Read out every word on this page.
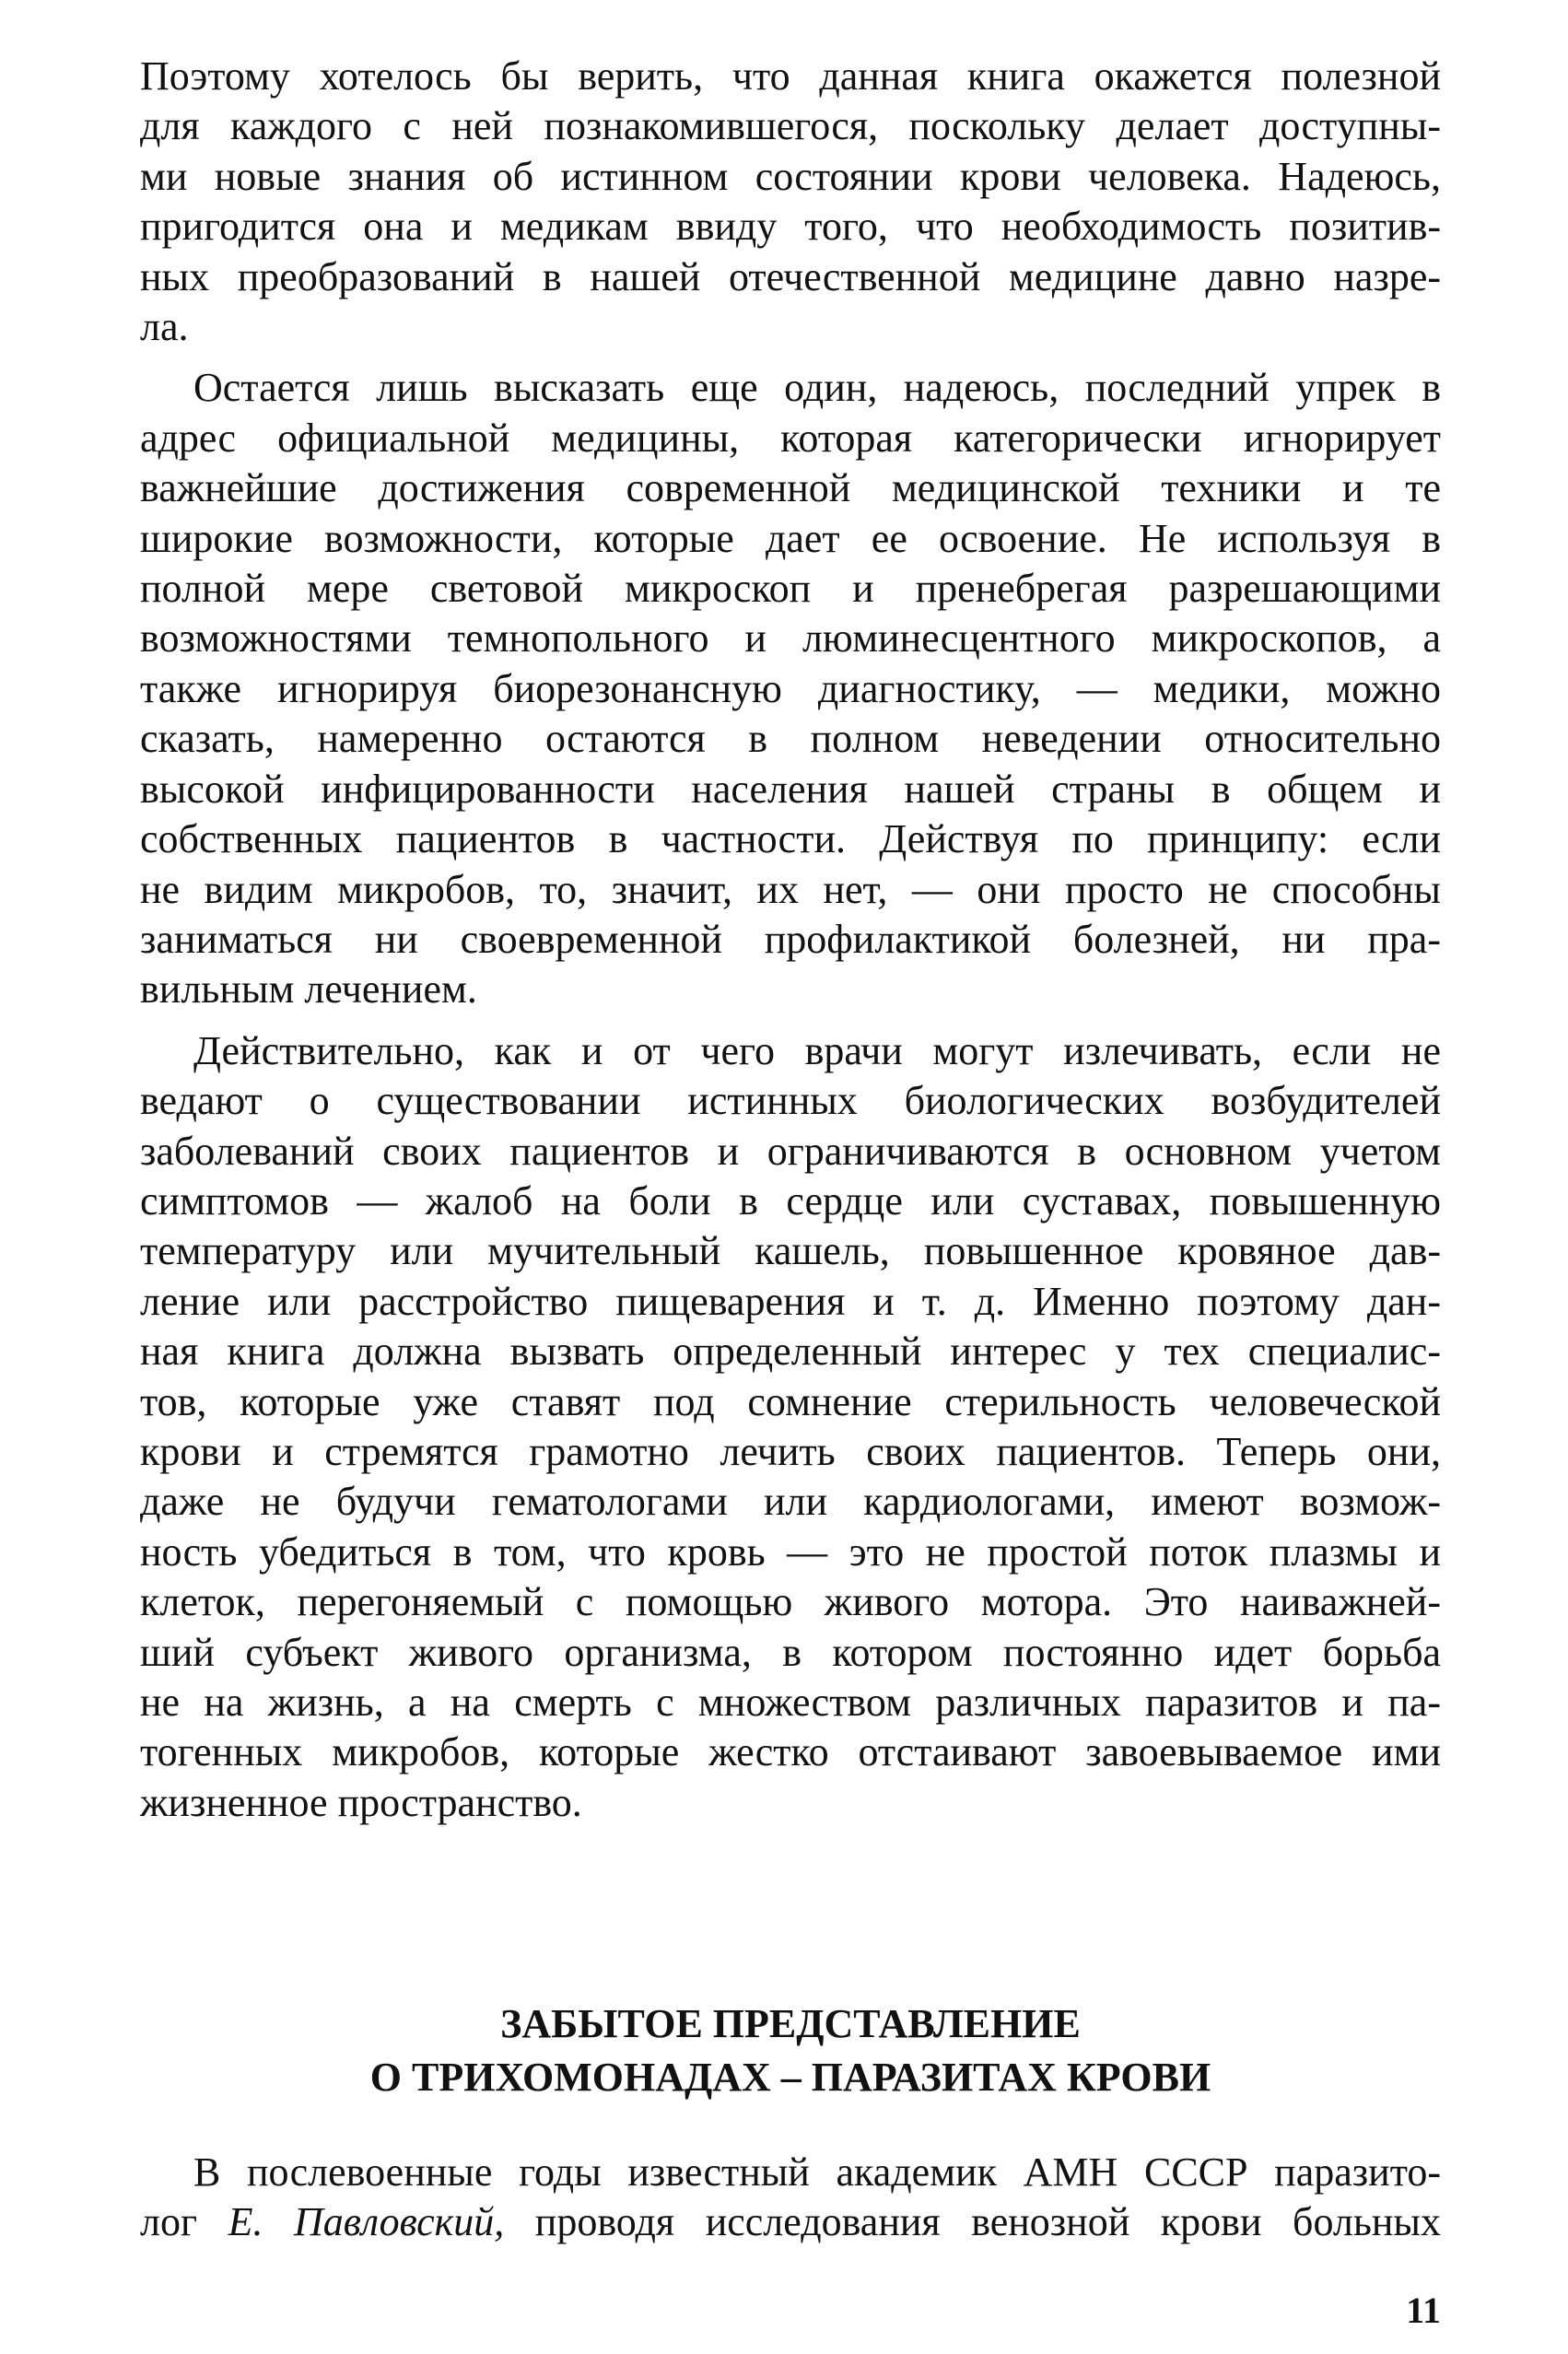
Поэтому хотелось бы верить, что данная книга окажется полезной
для каждого с ней познакомившегося, поскольку делает доступны-
ми новые знания об истинном состоянии крови человека. Надеюсь,
пригодится она и медикам ввиду того, что необходимость позитив-
ных преобразований в нашей отечественной медицине давно назре-
ла.

Остается лишь высказать еще один, надеюсь, последний упрек в
адрес официальной медицины, которая категорически игнорирует
важнейшие достижения современной медицинской техники и те
широкие возможности, которые дает ее освоение. Не используя в
полной мере световой микроскоп и пренебрегая разрешающими
возможностями темнопольного и люминесцентного микроскопов, а
также игнорируя биорезонансную диагностику, — медики, можно
сказать, намеренно остаются в полном неведении относительно
высокой инфицированности населения нашей страны в общем и
собственных пациентов в частности. Действуя по принципу: если
не видим микробов, то, значит, их нет, — они просто не способны
заниматься ни своевременной профилактикой болезней, ни пра-
вильным лечением.

Действительно, как и от чего врачи могут излечивать, если не
ведают о существовании истинных биологических возбудителей
заболеваний своих пациентов и ограничиваются в основном учетом
симптомов — жалоб на боли в сердце или суставах, повышенную
температуру или мучительный кашель, повышенное кровяное дав-
ление или расстройство пищеварения и т. д. Именно поэтому дан-
ная книга должна вызвать определенный интерес у тех специалис-
тов, которые уже ставят под сомнение стерильность человеческой
крови и стремятся грамотно лечить своих пациентов. Теперь они,
даже не будучи гематологами или кардиологами, имеют возмож-
ность убедиться в том, что кровь — это не простой поток плазмы и
клеток, перегоняемый с помощью живого мотора. Это наиважней-
ший субъект живого организма, в котором постоянно идет борьба
не на жизнь, а на смерть с множеством различных паразитов и па-
тогенных микробов, которые жестко отстаивают завоевываемое ими
жизненное пространство.

ЗАБЫТОЕ ПРЕДСТАВЛЕНИЕ
О ТРИХОМОНАДАХ – ПАРАЗИТАХ КРОВИ

В послевоенные годы известный академик АМН СССР паразито-
лог Е. Павловский, проводя исследования венозной крови больных

11
